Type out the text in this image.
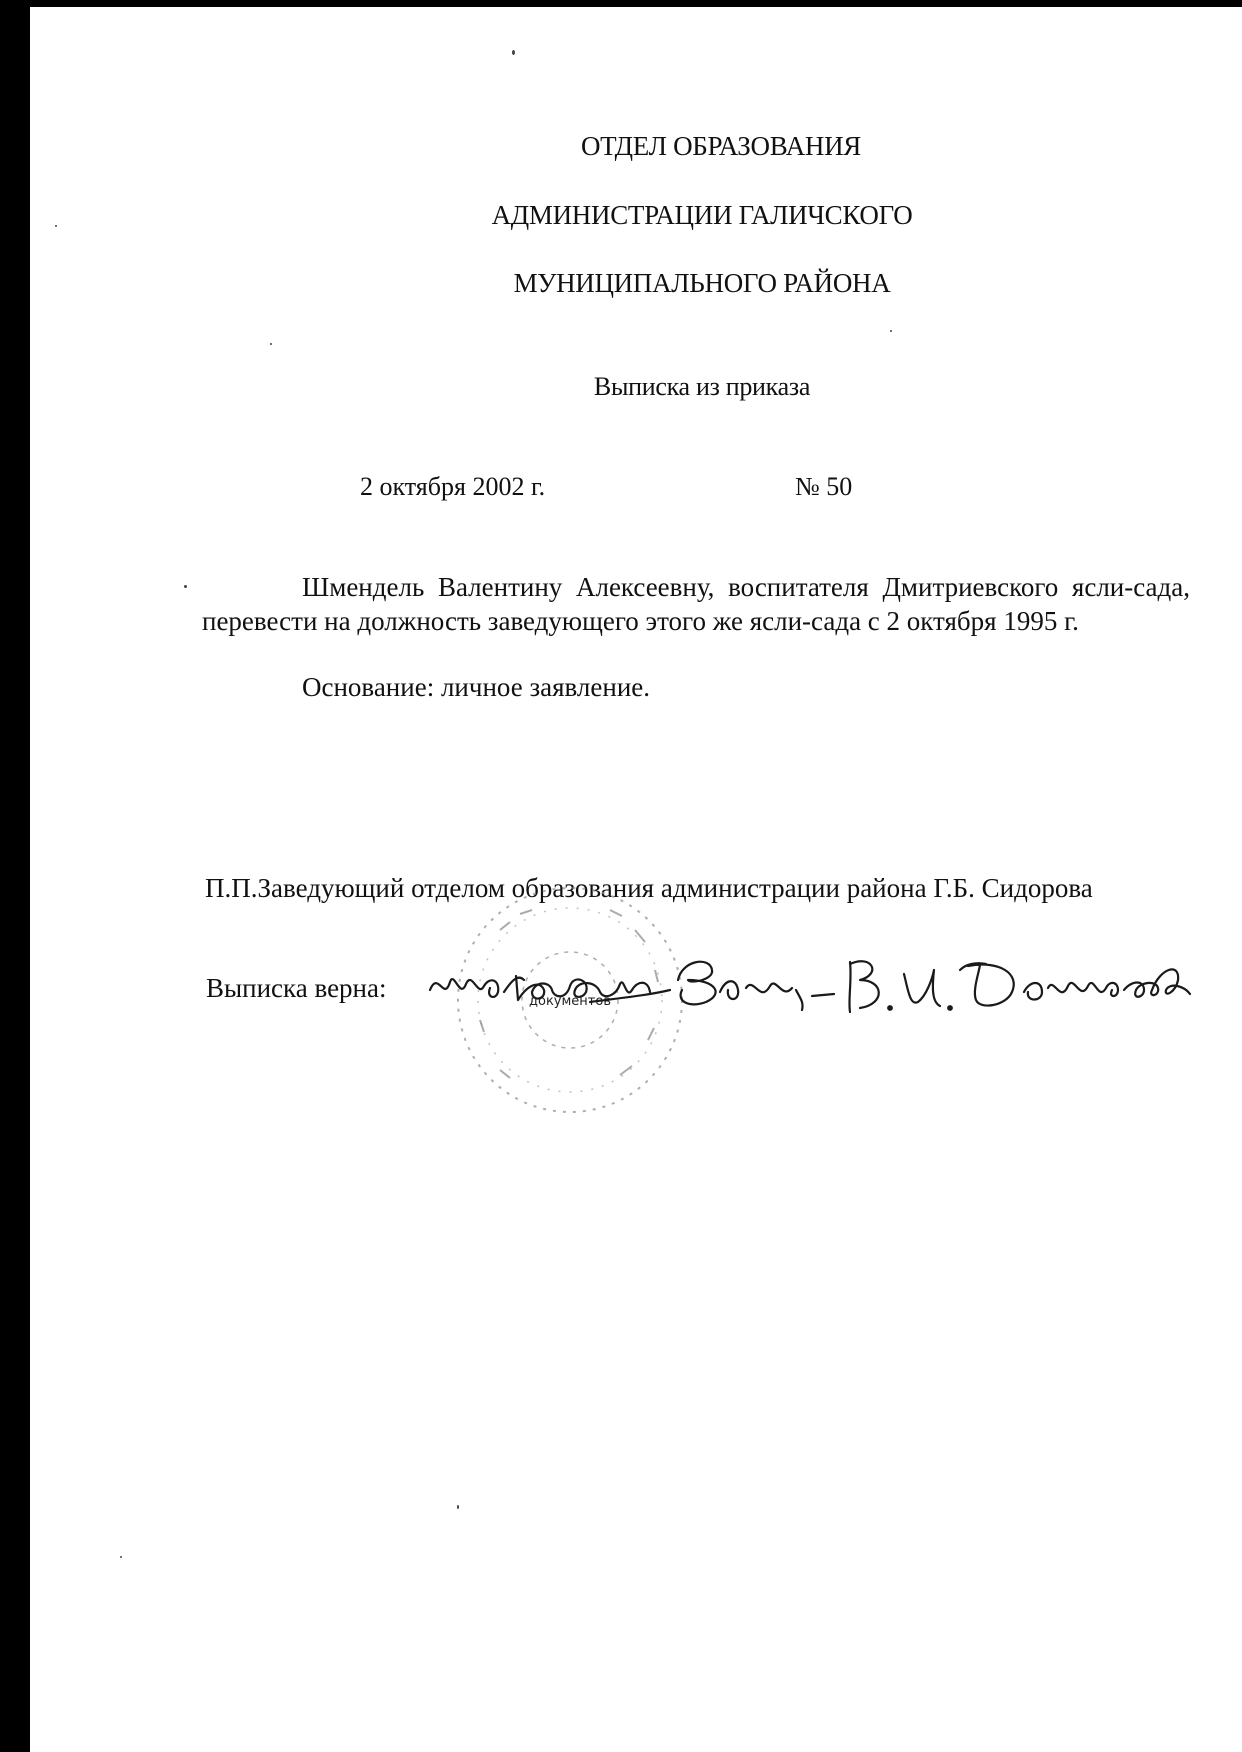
ОТДЕЛ ОБРАЗОВАНИЯ
АДМИНИСТРАЦИИ ГАЛИЧСКОГО
МУНИЦИПАЛЬНОГО РАЙОНА
Выписка из приказа
2 октября 2002 г.	№ 50

Шмендель Валентину Алексеевну, воспитателя Дмитриевского ясли-сада, перевести на должность заведующего этого же ясли-сада с 2 октября 1995 г.

Основание: личное заявление.
П.П.Заведующий отделом образования администрации района Г.Б. Сидорова
Выписка верна:	документов
